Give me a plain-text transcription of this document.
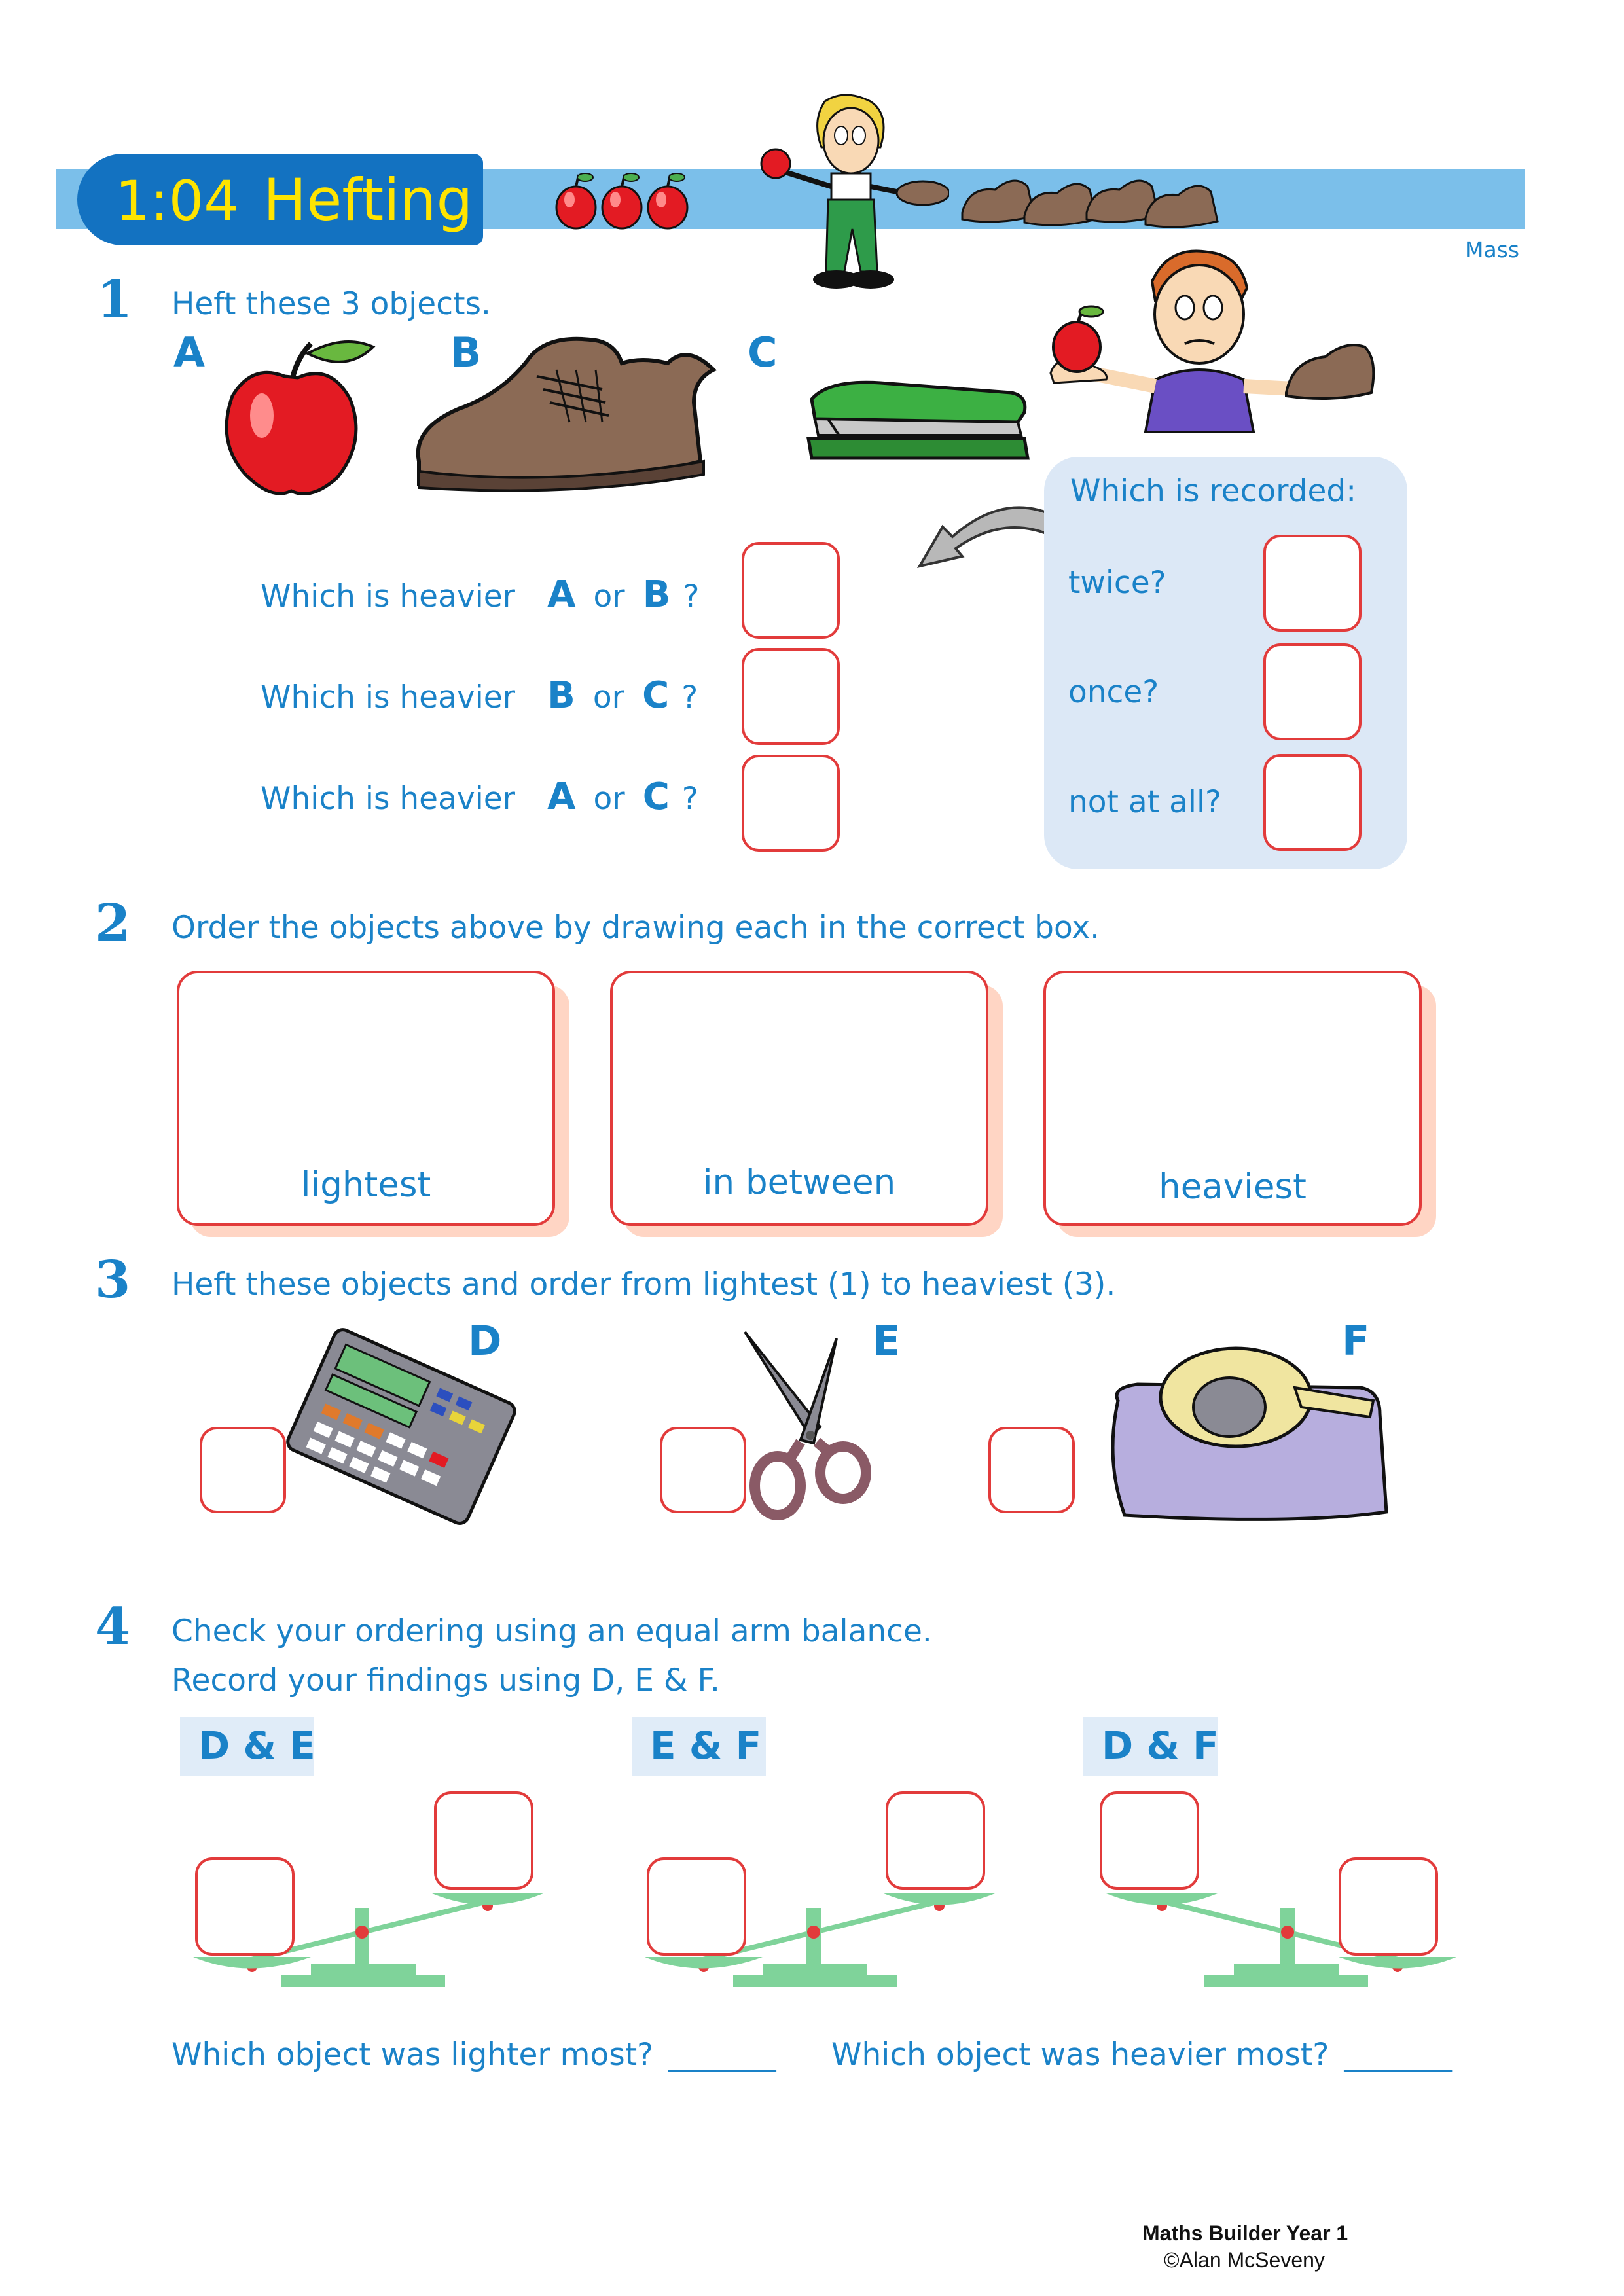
1:04 Hefting
Mass
1 Heft these 3 objects.
A	B	C
Which is heavier A or B ?
Which is heavier B or C ?
Which is heavier A or C ?
Which is recorded:
twice?
once?
not at all?
2 Order the objects above by drawing each in the correct box.
lightest	in between	heaviest
3 Heft these objects and order from lightest (1) to heaviest (3).
D	E	F
4 Check your ordering using an equal arm balance.
Record your findings using D, E & F.
D & E	E & F	D & F
Which object was lighter most? _______ Which object was heavier most? _______
Maths Builder Year 1
©Alan McSeveny
